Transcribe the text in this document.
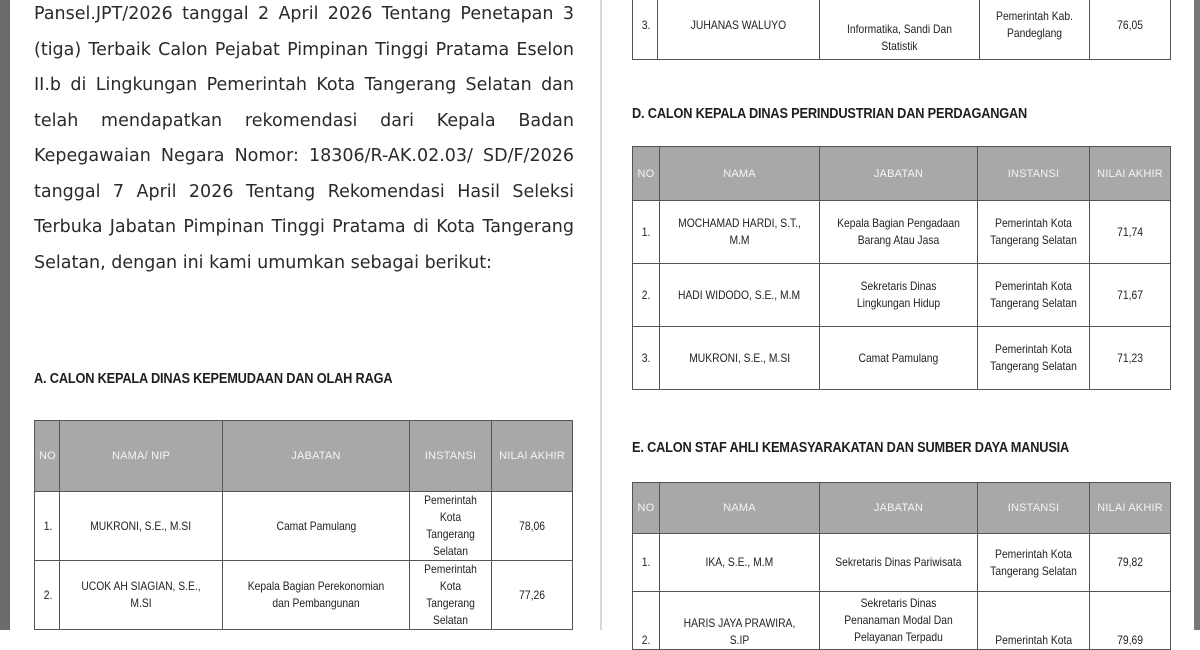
Pansel.JPT/2026 tanggal 2 April 2026 Tentang Penetapan 3 (tiga) Terbaik Calon Pejabat Pimpinan Tinggi Pratama Eselon II.b di Lingkungan Pemerintah Kota Tangerang Selatan dan telah mendapatkan rekomendasi dari Kepala Badan Kepegawaian Negara Nomor: 18306/R-AK.02.03/ SD/F/2026 tanggal 7 April 2026 Tentang Rekomendasi Hasil Seleksi Terbuka Jabatan Pimpinan Tinggi Pratama di Kota Tangerang Selatan, dengan ini kami umumkan sebagai berikut:

A. CALON KEPALA DINAS KEPEMUDAAN DAN OLAH RAGA
NO	NAMA/ NIP	JABATAN	INSTANSI	NILAI AKHIR
1.	MUKRONI, S.E., M.SI	Camat Pamulang	Pemerintah Kota Tangerang Selatan	78,06
2.	UCOK AH SIAGIAN, S.E., M.SI	Kepala Bagian Perekonomian dan Pembangunan	Pemerintah Kota Tangerang Selatan	77,26
3.	JUHANAS WALUYO	Informatika, Sandi Dan Statistik	Pemerintah Kab. Pandeglang	76,05
D. CALON KEPALA DINAS PERINDUSTRIAN DAN PERDAGANGAN
NO	NAMA	JABATAN	INSTANSI	NILAI AKHIR
1.	MOCHAMAD HARDI, S.T., M.M	Kepala Bagian Pengadaan Barang Atau Jasa	Pemerintah Kota Tangerang Selatan	71,74
2.	HADI WIDODO, S.E., M.M	Sekretaris Dinas Lingkungan Hidup	Pemerintah Kota Tangerang Selatan	71,67
3.	MUKRONI, S.E., M.SI	Camat Pamulang	Pemerintah Kota Tangerang Selatan	71,23
E. CALON STAF AHLI KEMASYARAKATAN DAN SUMBER DAYA MANUSIA
NO	NAMA	JABATAN	INSTANSI	NILAI AKHIR
1.	IKA, S.E., M.M	Sekretaris Dinas Pariwisata	Pemerintah Kota Tangerang Selatan	79,82
2.	HARIS JAYA PRAWIRA, S.IP	Sekretaris Dinas Penanaman Modal Dan Pelayanan Terpadu	Pemerintah Kota	79,69
